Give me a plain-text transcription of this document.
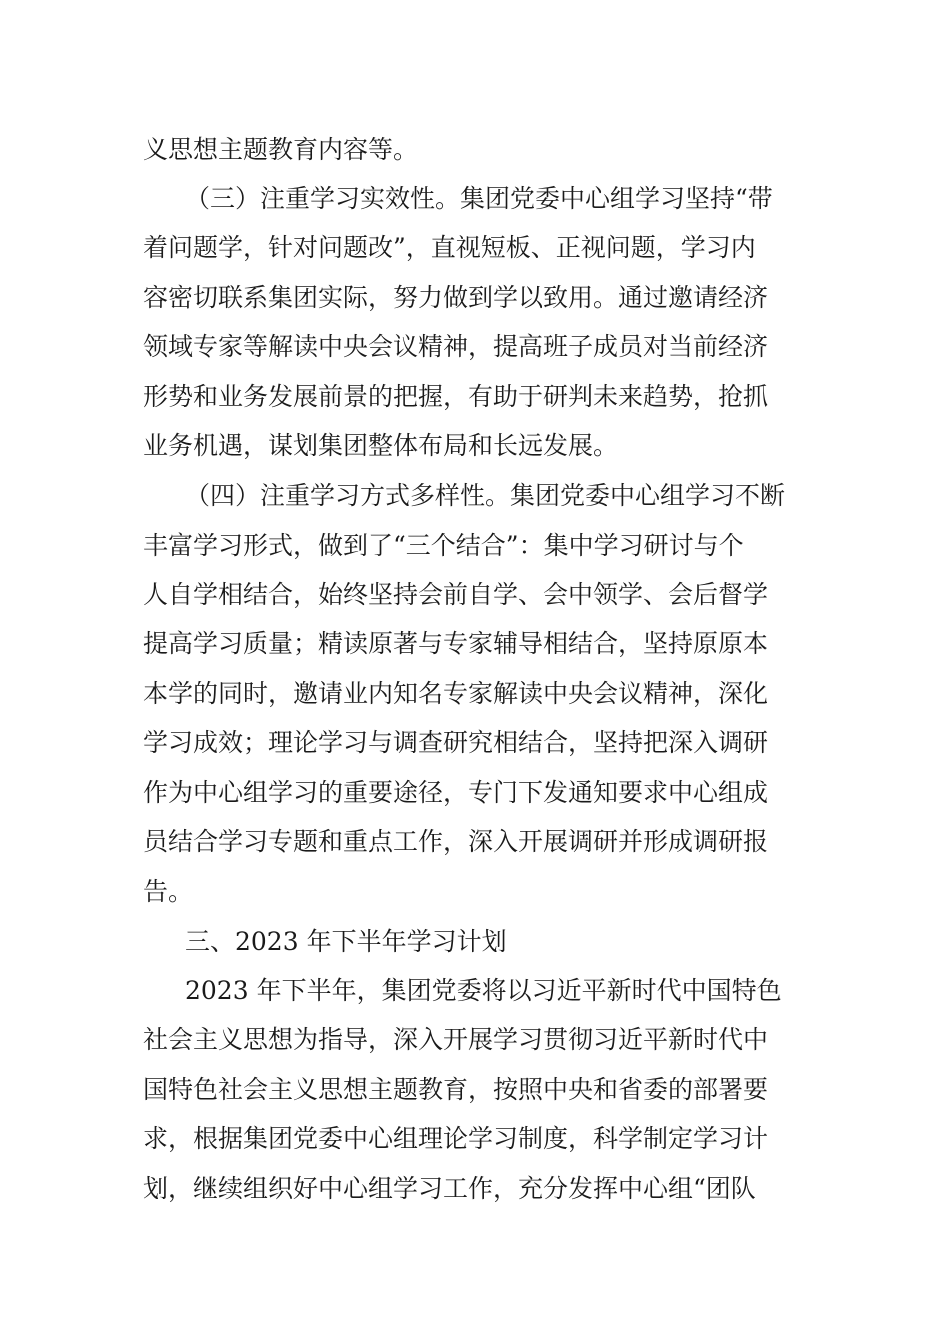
义思想主题教育内容等。
（三）注重学习实效性。集团党委中心组学习坚持“带
着问题学，针对问题改”，直视短板、正视问题，学习内
容密切联系集团实际，努力做到学以致用。通过邀请经济
领域专家等解读中央会议精神，提高班子成员对当前经济
形势和业务发展前景的把握，有助于研判未来趋势，抢抓
业务机遇，谋划集团整体布局和长远发展。
（四）注重学习方式多样性。集团党委中心组学习不断
丰富学习形式，做到了“三个结合”：集中学习研讨与个
人自学相结合，始终坚持会前自学、会中领学、会后督学
提高学习质量；精读原著与专家辅导相结合，坚持原原本
本学的同时，邀请业内知名专家解读中央会议精神，深化
学习成效；理论学习与调查研究相结合，坚持把深入调研
作为中心组学习的重要途径，专门下发通知要求中心组成
员结合学习专题和重点工作，深入开展调研并形成调研报
告。
三、2023 年下半年学习计划
2023 年下半年，集团党委将以习近平新时代中国特色
社会主义思想为指导，深入开展学习贯彻习近平新时代中
国特色社会主义思想主题教育，按照中央和省委的部署要
求，根据集团党委中心组理论学习制度，科学制定学习计
划，继续组织好中心组学习工作，充分发挥中心组“团队
